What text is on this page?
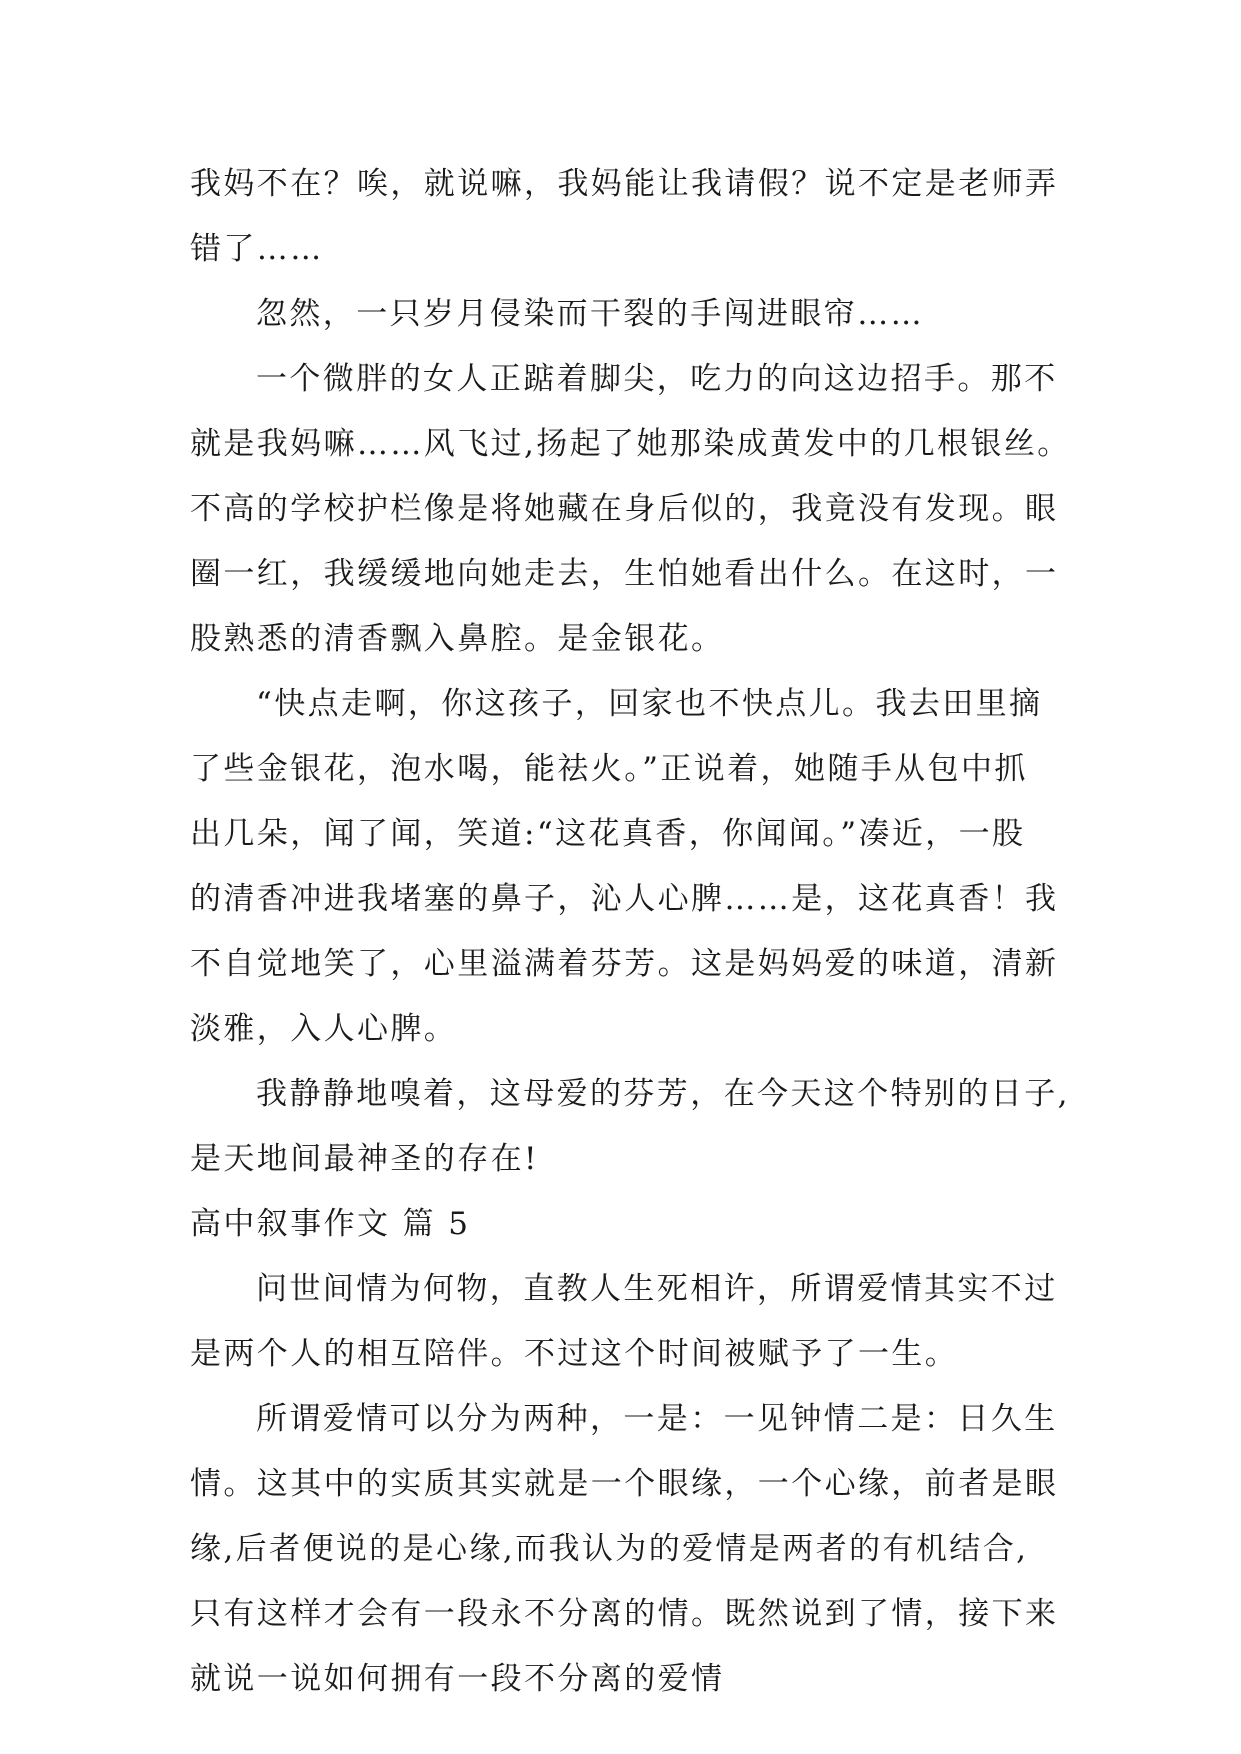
我妈不在？唉，就说嘛，我妈能让我请假？说不定是老师弄
错了……
忽然，一只岁月侵染而干裂的手闯进眼帘……
一个微胖的女人正踮着脚尖，吃力的向这边招手。那不
就是我妈嘛……风飞过,扬起了她那染成黄发中的几根银丝。
不高的学校护栏像是将她藏在身后似的，我竟没有发现。眼
圈一红，我缓缓地向她走去，生怕她看出什么。在这时，一
股熟悉的清香飘入鼻腔。是金银花。
“快点走啊，你这孩子，回家也不快点儿。我去田里摘
了些金银花，泡水喝，能祛火。”正说着，她随手从包中抓
出几朵，闻了闻，笑道:“这花真香，你闻闻。”凑近，一股
的清香冲进我堵塞的鼻子，沁人心脾……是，这花真香！我
不自觉地笑了，心里溢满着芬芳。这是妈妈爱的味道，清新
淡雅，入人心脾。
我静静地嗅着，这母爱的芬芳，在今天这个特别的日子,
是天地间最神圣的存在!
高中叙事作文 篇 5
问世间情为何物，直教人生死相许，所谓爱情其实不过
是两个人的相互陪伴。不过这个时间被赋予了一生。
所谓爱情可以分为两种，一是：一见钟情二是：日久生
情。这其中的实质其实就是一个眼缘，一个心缘，前者是眼
缘,后者便说的是心缘,而我认为的爱情是两者的有机结合,
只有这样才会有一段永不分离的情。既然说到了情，接下来
就说一说如何拥有一段不分离的爱情
